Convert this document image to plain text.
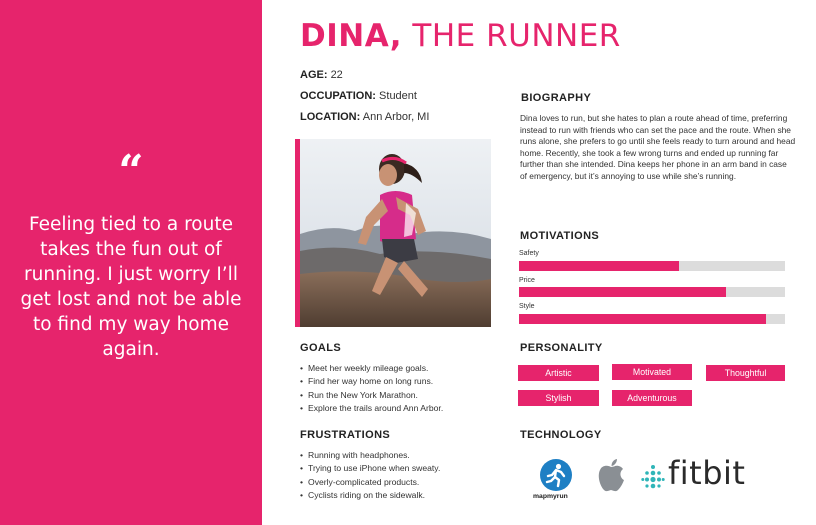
“
Feeling tied to a route takes the fun out of running. I just worry I’ll get lost and not be able to find my way home again.
DINA, THE RUNNER
AGE: 22
OCCUPATION: Student
LOCATION: Ann Arbor, MI
BIOGRAPHY
Dina loves to run, but she hates to plan a route ahead of time, preferring instead to run with friends who can set the pace and the route. When she runs alone, she prefers to go until she feels ready to turn around and head home. Recently, she took a few wrong turns and ended up running far further than she intended. Dina keeps her phone in an arm band in case of emergency, but it’s annoying to use while she’s running.
MOTIVATIONS
Safety
Price
Style
GOALS
• Meet her weekly mileage goals.
• Find her way home on long runs.
• Run the New York Marathon.
• Explore the trails around Ann Arbor.
FRUSTRATIONS
• Running with headphones.
• Trying to use iPhone when sweaty.
• Overly-complicated products.
• Cyclists riding on the sidewalk.
PERSONALITY
Artistic	Motivated	Thoughtful
Stylish	Adventurous
TECHNOLOGY
mapmyrun
fitbit
